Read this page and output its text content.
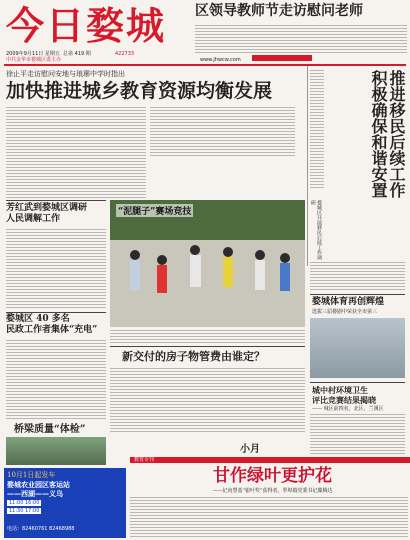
今日婺城	区领导教师节走访慰问老师
2009年9月11日 星期五 总第 419 期
中共金华市婺城区委主办	www.jhwcw.com
422733
徐止平走访慰问安地与琅琊中学时指出
加快推进城乡教育资源均衡发展	推进移民后续工作
积极确保和谐安置
婺城区开展移民后续工作调研
芳红武到婺城区调研
人民调解工作
婺城区 40 多名
民政工作者集体“充电”
桥梁质量“体检”
“泥腿子”赛场竞技
新交付的房子物管费由谁定？
小月
婺城体育再创辉煌
选拔三届婺剧中荣获全市第三
城中村环境卫生
评比竞赛结果揭晓
—— 城区前四名，北区，兰溪区
教育专刊
甘作绿叶更护花
——记向慧基“银叶奖”获得者，罗埠镇党委书记滕腾达
10月1日起发车
婺城农业园区客运站
——西湖——义乌
11:00 16:00
11:30 17:00
电话：82460761 82468988
